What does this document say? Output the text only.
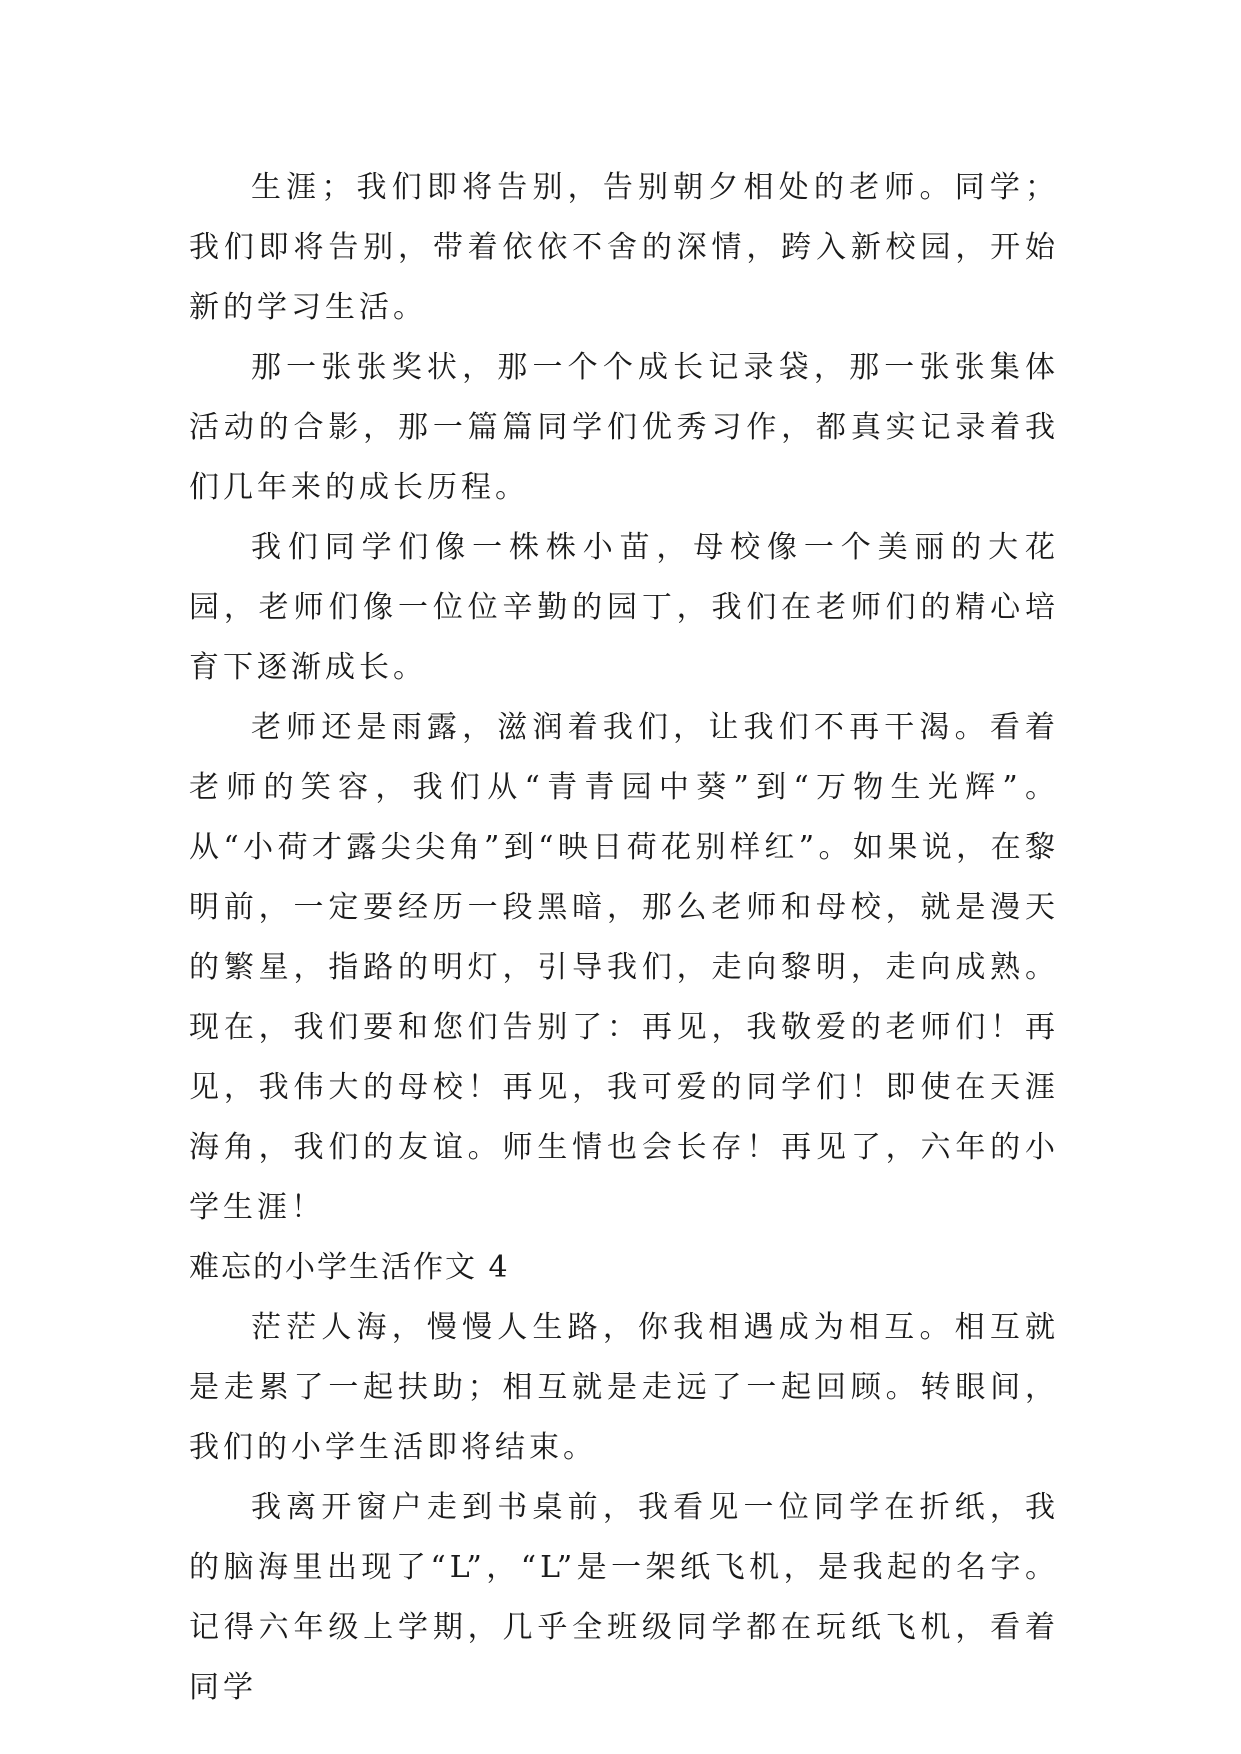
生涯；我们即将告别，告别朝夕相处的老师。同学；我们即将告别，带着依依不舍的深情，跨入新校园，开始新的学习生活。

那一张张奖状，那一个个成长记录袋，那一张张集体活动的合影，那一篇篇同学们优秀习作，都真实记录着我们几年来的成长历程。

我们同学们像一株株小苗，母校像一个美丽的大花园，老师们像一位位辛勤的园丁，我们在老师们的精心培育下逐渐成长。

老师还是雨露，滋润着我们，让我们不再干渴。看着老师的笑容，我们从“青青园中葵”到“万物生光辉”。从“小荷才露尖尖角”到“映日荷花别样红”。如果说，在黎明前，一定要经历一段黑暗，那么老师和母校，就是漫天的繁星，指路的明灯，引导我们，走向黎明，走向成熟。现在，我们要和您们告别了：再见，我敬爱的老师们！再见，我伟大的母校！再见，我可爱的同学们！即使在天涯海角，我们的友谊。师生情也会长存！再见了，六年的小学生涯！

难忘的小学生活作文 4

茫茫人海，慢慢人生路，你我相遇成为相互。相互就是走累了一起扶助；相互就是走远了一起回顾。转眼间，我们的小学生活即将结束。

我离开窗户走到书桌前，我看见一位同学在折纸，我的脑海里出现了“L”，“L”是一架纸飞机，是我起的名字。记得六年级上学期，几乎全班级同学都在玩纸飞机，看着同学
